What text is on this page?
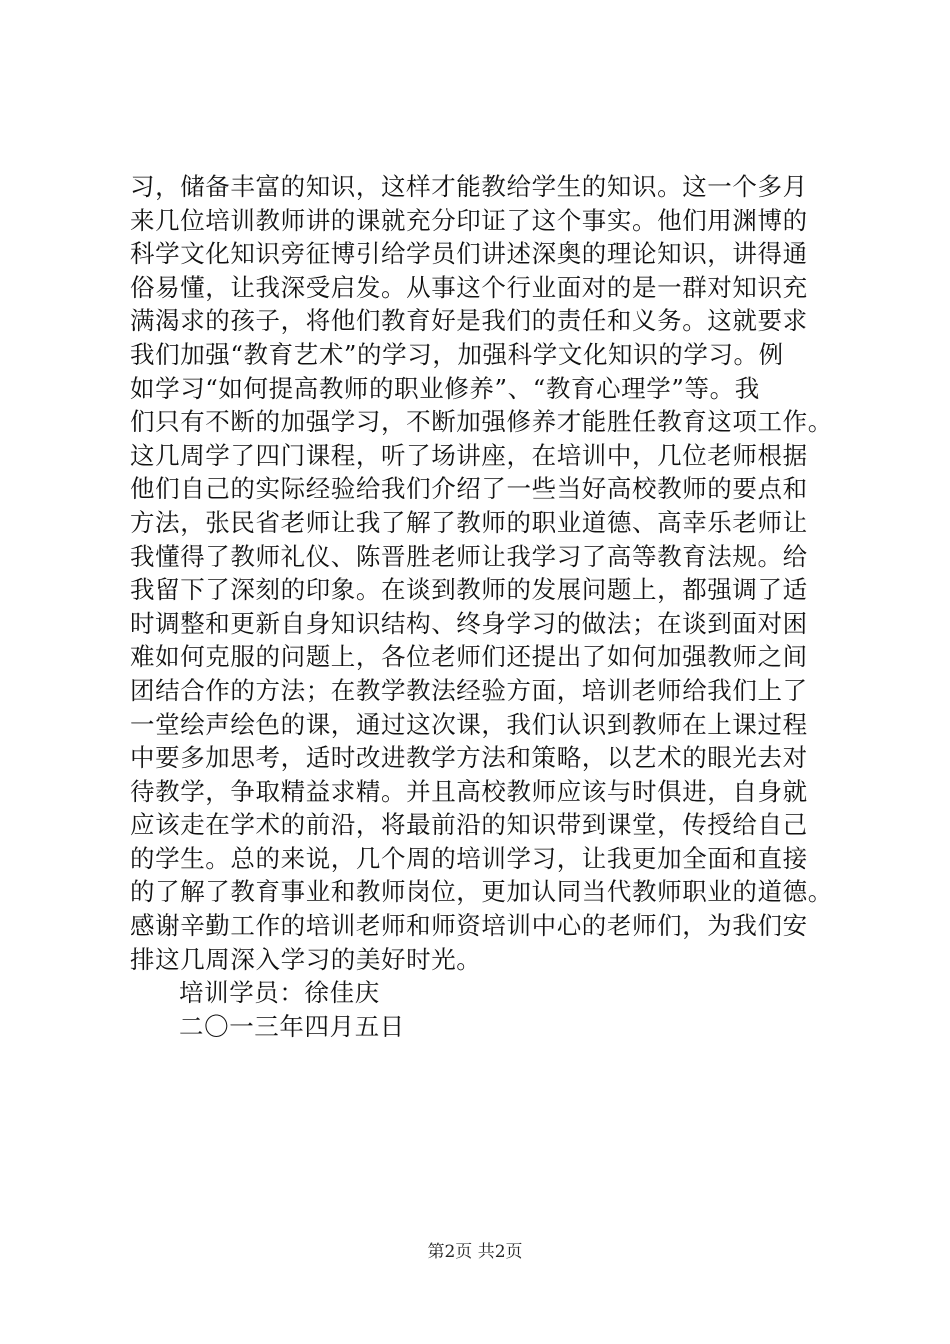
习，储备丰富的知识，这样才能教给学生的知识。这一个多月
来几位培训教师讲的课就充分印证了这个事实。他们用渊博的
科学文化知识旁征博引给学员们讲述深奥的理论知识，讲得通
俗易懂，让我深受启发。从事这个行业面对的是一群对知识充
满渴求的孩子，将他们教育好是我们的责任和义务。这就要求
我们加强“教育艺术”的学习，加强科学文化知识的学习。例
如学习“如何提高教师的职业修养”、“教育心理学”等。我
们只有不断的加强学习，不断加强修养才能胜任教育这项工作。
这几周学了四门课程，听了场讲座，在培训中，几位老师根据
他们自己的实际经验给我们介绍了一些当好高校教师的要点和
方法，张民省老师让我了解了教师的职业道德、高幸乐老师让
我懂得了教师礼仪、陈晋胜老师让我学习了高等教育法规。给
我留下了深刻的印象。在谈到教师的发展问题上，都强调了适
时调整和更新自身知识结构、终身学习的做法；在谈到面对困
难如何克服的问题上，各位老师们还提出了如何加强教师之间
团结合作的方法；在教学教法经验方面，培训老师给我们上了
一堂绘声绘色的课，通过这次课，我们认识到教师在上课过程
中要多加思考，适时改进教学方法和策略，以艺术的眼光去对
待教学，争取精益求精。并且高校教师应该与时俱进，自身就
应该走在学术的前沿，将最前沿的知识带到课堂，传授给自己
的学生。总的来说，几个周的培训学习，让我更加全面和直接
的了解了教育事业和教师岗位，更加认同当代教师职业的道德。
感谢辛勤工作的培训老师和师资培训中心的老师们，为我们安
排这几周深入学习的美好时光。
培训学员：徐佳庆
二〇一三年四月五日
第2页 共2页
